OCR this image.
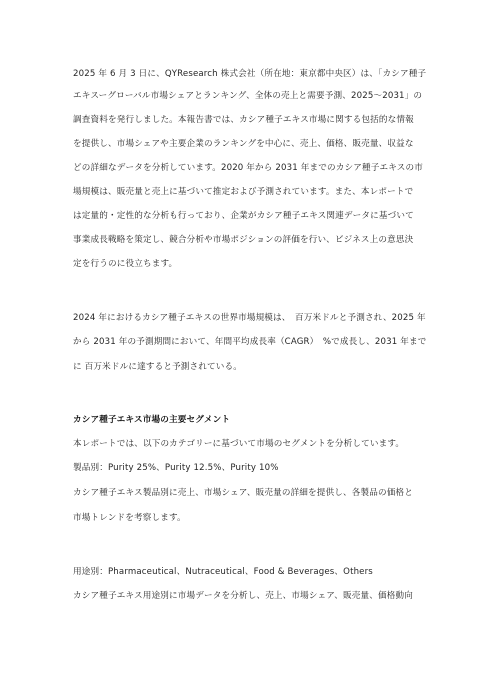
2025 年 6 月 3 日に、QYResearch 株式会社（所在地：東京都中央区）は、「カシア種子
エキスーグローバル市場シェアとランキング、全体の売上と需要予測、2025～2031」の
調査資料を発行しました。本報告書では、カシア種子エキス市場に関する包括的な情報
を提供し、市場シェアや主要企業のランキングを中心に、売上、価格、販売量、収益な
どの詳細なデータを分析しています。2020 年から 2031 年までのカシア種子エキスの市
場規模は、販売量と売上に基づいて推定および予測されています。また、本レポートで
は定量的・定性的な分析も行っており、企業がカシア種子エキス関連データに基づいて
事業成長戦略を策定し、競合分析や市場ポジションの評価を行い、ビジネス上の意思決
定を行うのに役立ちます。
2024 年におけるカシア種子エキスの世界市場規模は、　百万米ドルと予測され、2025 年
から 2031 年の予測期間において、年間平均成長率（CAGR）　%で成長し、2031 年まで
に 百万米ドルに達すると予測されている。
カシア種子エキス市場の主要セグメント
本レポートでは、以下のカテゴリーに基づいて市場のセグメントを分析しています。
製品別：Purity 25%、Purity 12.5%、Purity 10%
カシア種子エキス製品別に売上、市場シェア、販売量の詳細を提供し、各製品の価格と
市場トレンドを考察します。
用途別：Pharmaceutical、Nutraceutical、Food & Beverages、Others
カシア種子エキス用途別に市場データを分析し、売上、市場シェア、販売量、価格動向
